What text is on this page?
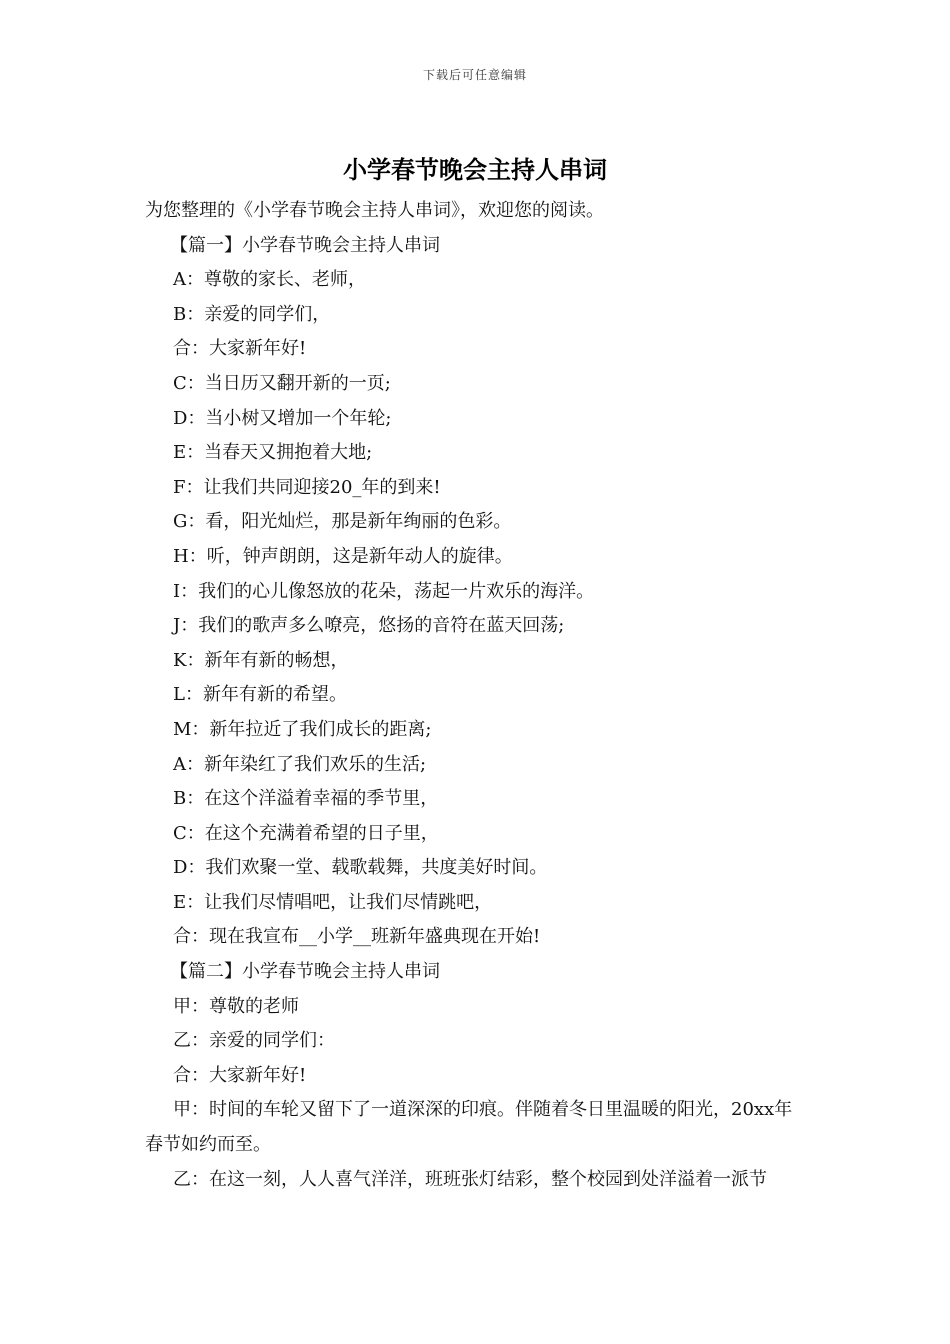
下载后可任意编辑
小学春节晚会主持人串词

为您整理的《小学春节晚会主持人串词》，欢迎您的阅读。

【篇一】小学春节晚会主持人串词

A：尊敬的家长、老师，

B：亲爱的同学们，

合：大家新年好!

C：当日历又翻开新的一页;

D：当小树又增加一个年轮;

E：当春天又拥抱着大地;

F：让我们共同迎接20_年的到来!

G：看，阳光灿烂，那是新年绚丽的色彩。

H：听，钟声朗朗，这是新年动人的旋律。

I：我们的心儿像怒放的花朵，荡起一片欢乐的海洋。

J：我们的歌声多么嘹亮，悠扬的音符在蓝天回荡;

K：新年有新的畅想，

L：新年有新的希望。

M：新年拉近了我们成长的距离;

A：新年染红了我们欢乐的生活;

B：在这个洋溢着幸福的季节里，

C：在这个充满着希望的日子里，

D：我们欢聚一堂、载歌载舞，共度美好时间。

E：让我们尽情唱吧，让我们尽情跳吧，

合：现在我宣布__小学__班新年盛典现在开始!

【篇二】小学春节晚会主持人串词

甲：尊敬的老师

乙：亲爱的同学们：

合：大家新年好!

甲：时间的车轮又留下了一道深深的印痕。伴随着冬日里温暖的阳光，20xx年春节如约而至。

乙：在这一刻，人人喜气洋洋，班班张灯结彩，整个校园到处洋溢着一派节
